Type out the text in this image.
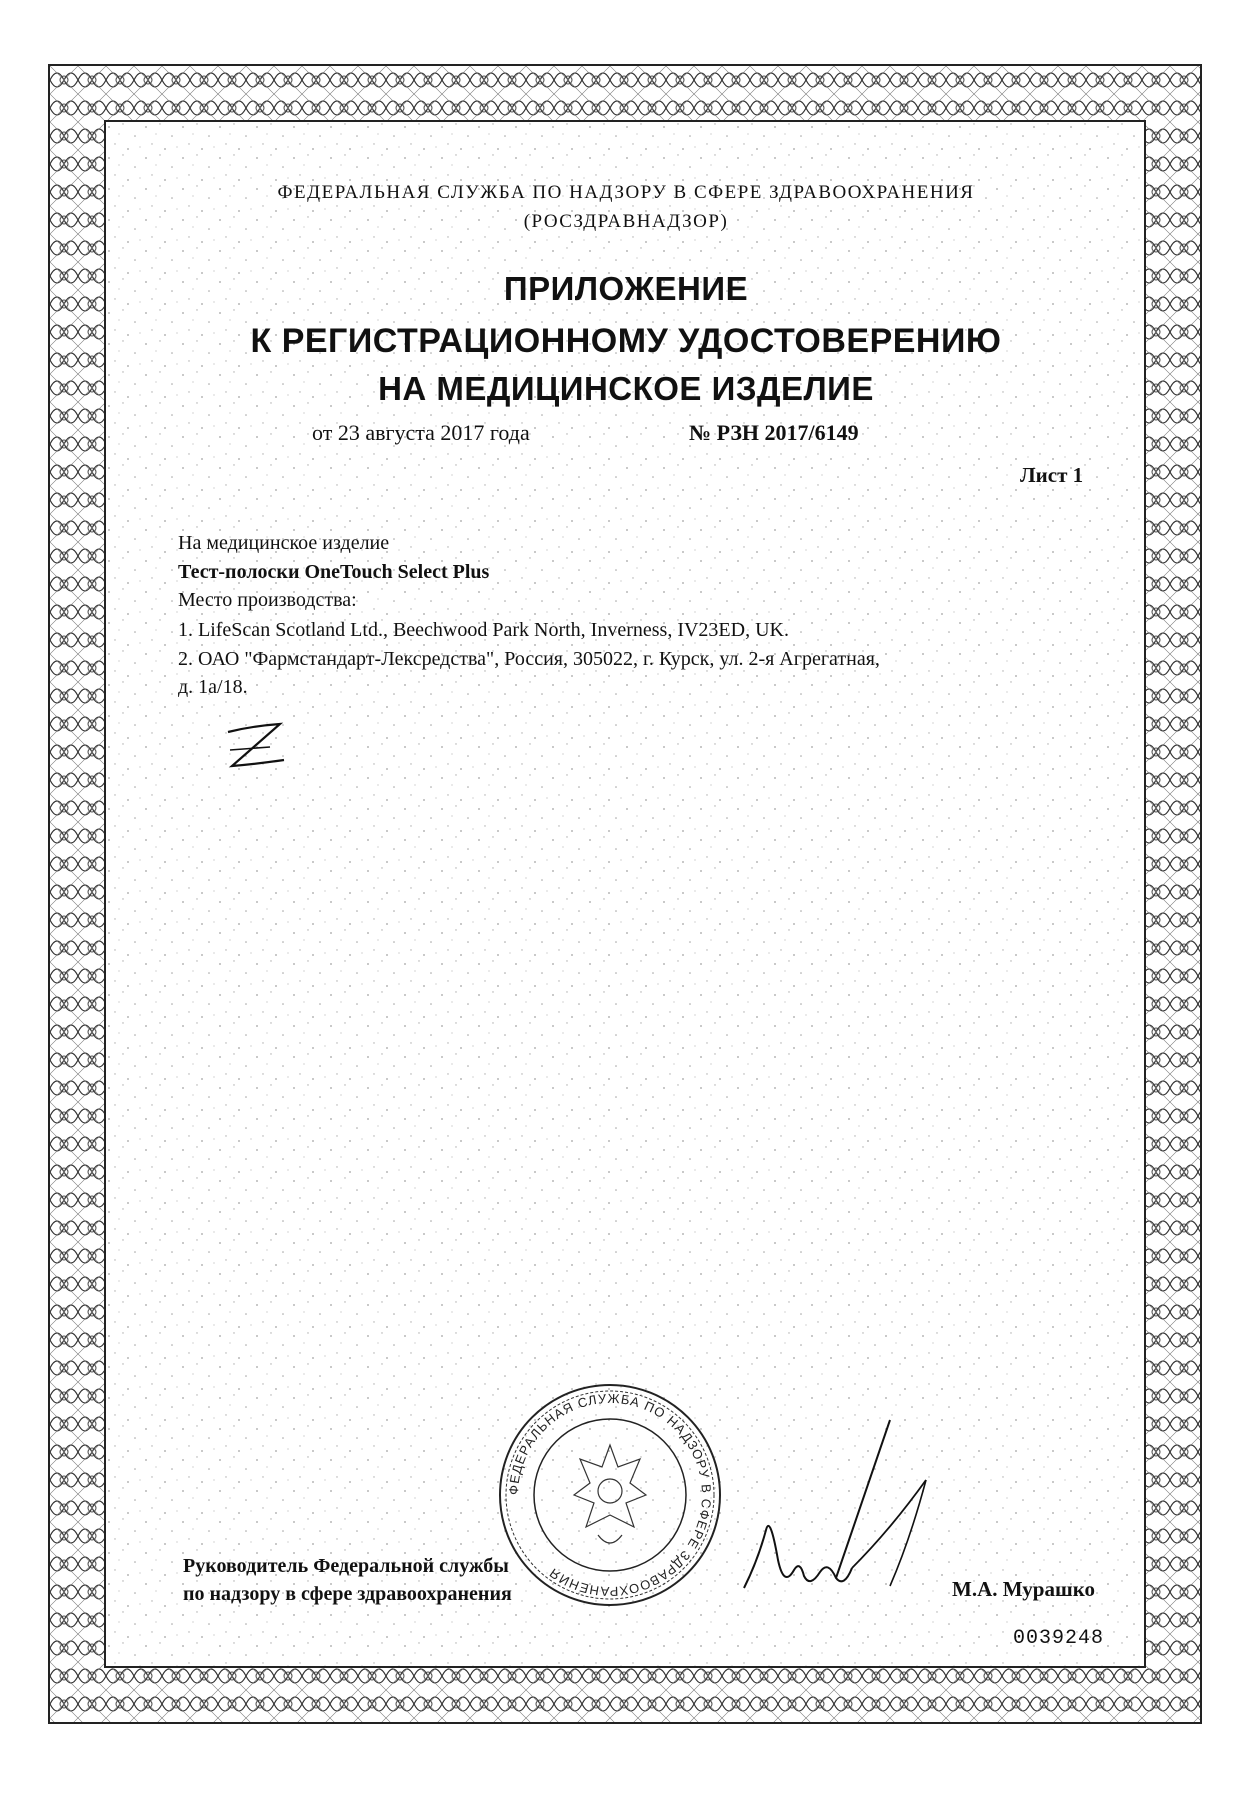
ФЕДЕРАЛЬНАЯ СЛУЖБА ПО НАДЗОРУ В СФЕРЕ ЗДРАВООХРАНЕНИЯ
(РОСЗДРАВНАДЗОР)
ПРИЛОЖЕНИЕ
К РЕГИСТРАЦИОННОМУ УДОСТОВЕРЕНИЮ
НА МЕДИЦИНСКОЕ ИЗДЕЛИЕ
от 23 августа 2017 года	№ РЗН 2017/6149
Лист 1
На медицинское изделие
Тест-полоски OneTouch Select Plus
Место производства:
1. LifeScan Scotland Ltd., Beechwood Park North, Inverness, IV23ED, UK.
2. ОАО "Фармстандарт-Лексредства", Россия, 305022, г. Курск, ул. 2-я Агрегатная,
д. 1а/18.
ФЕДЕРАЛЬНАЯ СЛУЖБА ПО НАДЗОРУ В СФЕРЕ ЗДРАВООХРАНЕНИЯ
Руководитель Федеральной службы
по надзору в сфере здравоохранения	М.А. Мурашко
0039248
